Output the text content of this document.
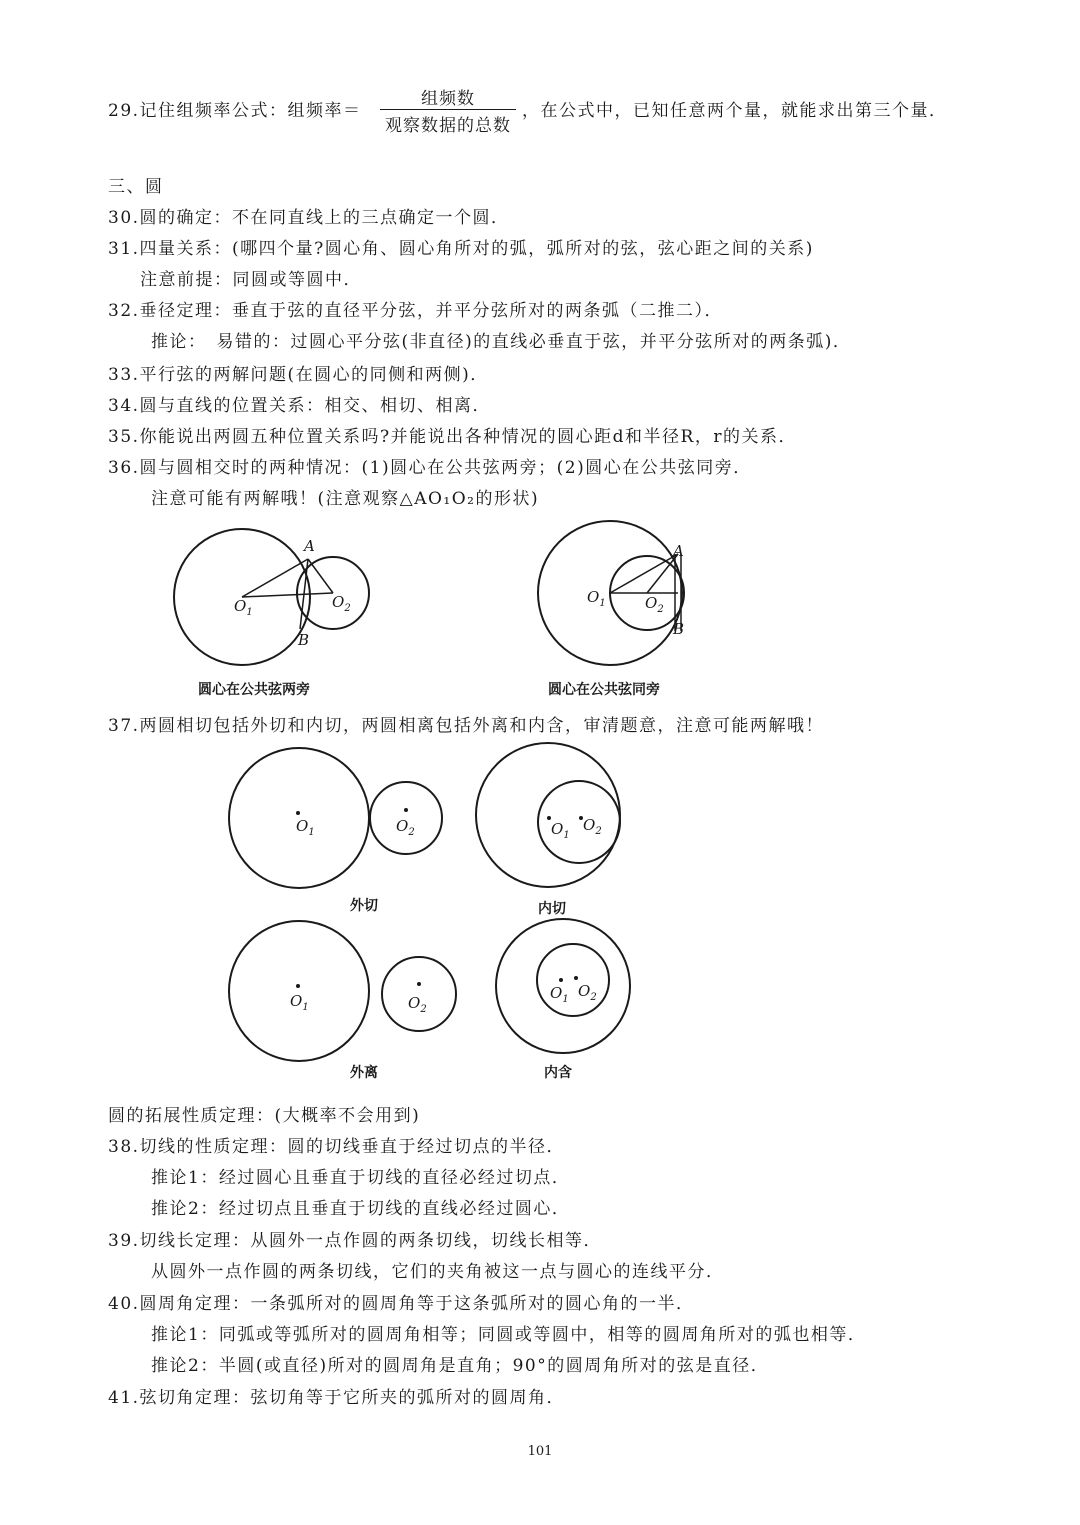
29.记住组频率公式：组频率＝
组频数
观察数据的总数
，在公式中，已知任意两个量，就能求出第三个量．
三、圆
30.圆的确定：不在同直线上的三点确定一个圆．
31.四量关系：(哪四个量?圆心角、圆心角所对的弧，弧所对的弦，弦心距之间的关系)
注意前提：同圆或等圆中．
32.垂径定理：垂直于弦的直径平分弦，并平分弦所对的两条弧（二推二）．
推论：　易错的：过圆心平分弦(非直径)的直线必垂直于弦，并平分弦所对的两条弧)．
33.平行弦的两解问题(在圆心的同侧和两侧)．
34.圆与直线的位置关系：相交、相切、相离．
35.你能说出两圆五种位置关系吗?并能说出各种情况的圆心距d和半径R，r的关系．
36.圆与圆相交时的两种情况：(1)圆心在公共弦两旁；(2)圆心在公共弦同旁．
注意可能有两解哦！(注意观察△AO₁O₂的形状)
A
B
$O_1$
$O_2$
圆心在公共弦两旁
A
B
$O_1$	$O_2$
圆心在公共弦同旁
37.两圆相切包括外切和内切，两圆相离包括外离和内含，审清题意，注意可能两解哦！
$O_1$	$O_2$
外切
$O_1$
$O_2$
内切
$O_1$	$O_2$
外离
$O_1$ $O_2$
内含
圆的拓展性质定理：(大概率不会用到)
38.切线的性质定理：圆的切线垂直于经过切点的半径．
推论1：经过圆心且垂直于切线的直径必经过切点．
推论2：经过切点且垂直于切线的直线必经过圆心．
39.切线长定理：从圆外一点作圆的两条切线，切线长相等．
从圆外一点作圆的两条切线，它们的夹角被这一点与圆心的连线平分．
40.圆周角定理：一条弧所对的圆周角等于这条弧所对的圆心角的一半．
推论1：同弧或等弧所对的圆周角相等；同圆或等圆中，相等的圆周角所对的弧也相等．
推论2：半圆(或直径)所对的圆周角是直角；90°的圆周角所对的弦是直径．
41.弦切角定理：弦切角等于它所夹的弧所对的圆周角．
101
